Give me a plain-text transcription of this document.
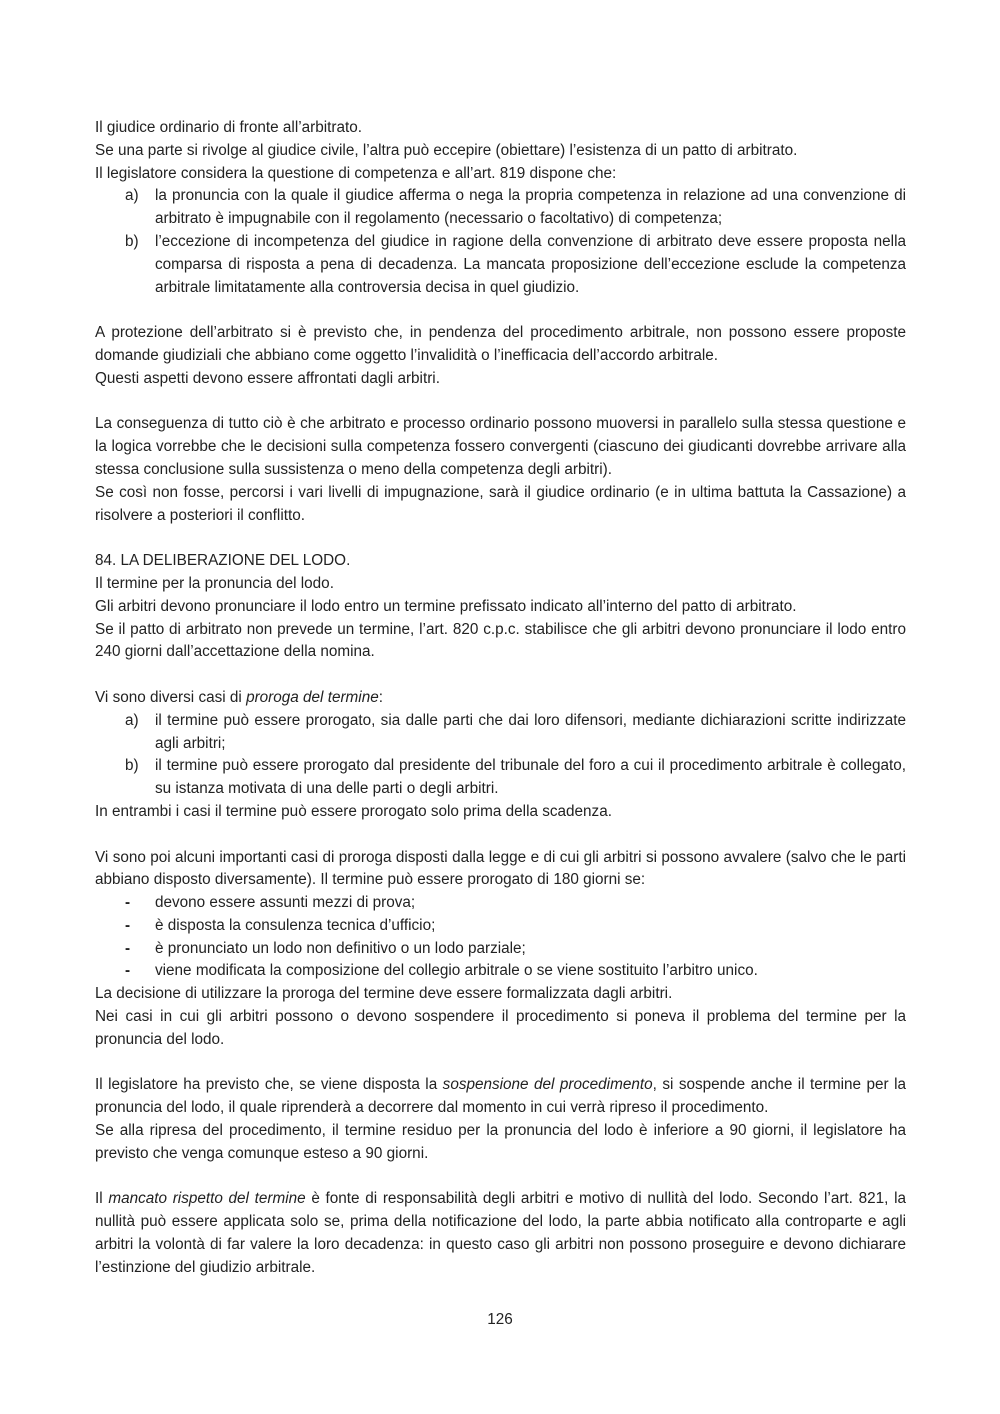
Il giudice ordinario di fronte all’arbitrato.

Se una parte si rivolge al giudice civile, l’altra può eccepire (obiettare) l’esistenza di un patto di arbitrato.

Il legislatore considera la questione di competenza e all’art. 819 dispone che:

a)	la pronuncia con la quale il giudice afferma o nega la propria competenza in relazione ad una convenzione di arbitrato è impugnabile con il regolamento (necessario o facoltativo) di competenza;
b)	l’eccezione di incompetenza del giudice in ragione della convenzione di arbitrato deve essere proposta nella comparsa di risposta a pena di decadenza. La mancata proposizione dell’eccezione esclude la competenza arbitrale limitatamente alla controversia decisa in quel giudizio.

A protezione dell’arbitrato si è previsto che, in pendenza del procedimento arbitrale, non possono essere proposte domande giudiziali che abbiano come oggetto l’invalidità o l’inefficacia dell’accordo arbitrale.

Questi aspetti devono essere affrontati dagli arbitri.

La conseguenza di tutto ciò è che arbitrato e processo ordinario possono muoversi in parallelo sulla stessa questione e la logica vorrebbe che le decisioni sulla competenza fossero convergenti (ciascuno dei giudicanti dovrebbe arrivare alla stessa conclusione sulla sussistenza o meno della competenza degli arbitri).

Se così non fosse, percorsi i vari livelli di impugnazione, sarà il giudice ordinario (e in ultima battuta la Cassazione) a risolvere a posteriori il conflitto.

84. LA DELIBERAZIONE DEL LODO.

Il termine per la pronuncia del lodo.

Gli arbitri devono pronunciare il lodo entro un termine prefissato indicato all’interno del patto di arbitrato.

Se il patto di arbitrato non prevede un termine, l’art. 820 c.p.c. stabilisce che gli arbitri devono pronunciare il lodo entro 240 giorni dall’accettazione della nomina.

Vi sono diversi casi di proroga del termine:

a)	il termine può essere prorogato, sia dalle parti che dai loro difensori, mediante dichiarazioni scritte indirizzate agli arbitri;
b)	il termine può essere prorogato dal presidente del tribunale del foro a cui il procedimento arbitrale è collegato, su istanza motivata di una delle parti o degli arbitri.

In entrambi i casi il termine può essere prorogato solo prima della scadenza.

Vi sono poi alcuni importanti casi di proroga disposti dalla legge e di cui gli arbitri si possono avvalere (salvo che le parti abbiano disposto diversamente). Il termine può essere prorogato di 180 giorni se:

-	devono essere assunti mezzi di prova;
-	è disposta la consulenza tecnica d’ufficio;
-	è pronunciato un lodo non definitivo o un lodo parziale;
-	viene modificata la composizione del collegio arbitrale o se viene sostituito l’arbitro unico.

La decisione di utilizzare la proroga del termine deve essere formalizzata dagli arbitri.

Nei casi in cui gli arbitri possono o devono sospendere il procedimento si poneva il problema del termine per la pronuncia del lodo.

Il legislatore ha previsto che, se viene disposta la sospensione del procedimento, si sospende anche il termine per la pronuncia del lodo, il quale riprenderà a decorrere dal momento in cui verrà ripreso il procedimento.

Se alla ripresa del procedimento, il termine residuo per la pronuncia del lodo è inferiore a 90 giorni, il legislatore ha previsto che venga comunque esteso a 90 giorni.

Il mancato rispetto del termine è fonte di responsabilità degli arbitri e motivo di nullità del lodo. Secondo l’art. 821, la nullità può essere applicata solo se, prima della notificazione del lodo, la parte abbia notificato alla controparte e agli arbitri la volontà di far valere la loro decadenza: in questo caso gli arbitri non possono proseguire e devono dichiarare l’estinzione del giudizio arbitrale.

126
